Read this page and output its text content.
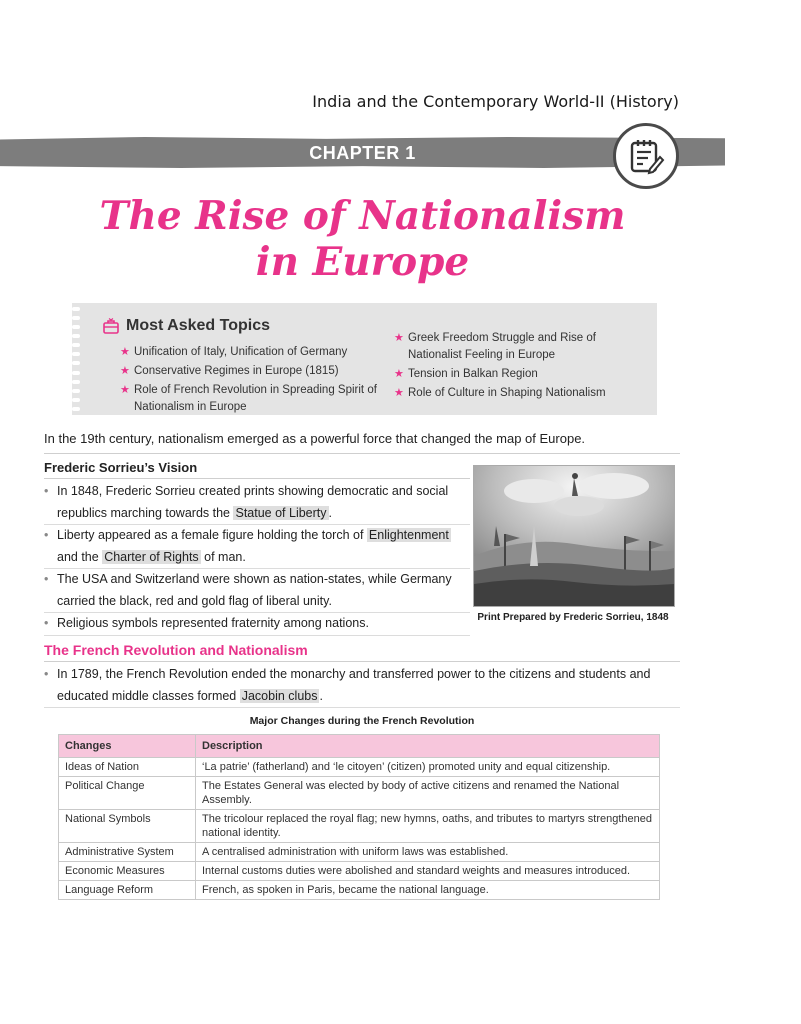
India and the Contemporary World-II (History)
CHAPTER 1
The Rise of Nationalism
in Europe
Most Asked Topics
★ Unification of Italy, Unification of Germany
★ Conservative Regimes in Europe (1815)
★ Role of French Revolution in Spreading Spirit of Nationalism in Europe
★ Greek Freedom Struggle and Rise of Nationalist Feeling in Europe
★ Tension in Balkan Region
★ Role of Culture in Shaping Nationalism
In the 19th century, nationalism emerged as a powerful force that changed the map of Europe.
Frederic Sorrieu’s Vision
• In 1848, Frederic Sorrieu created prints showing democratic and social republics marching towards the Statue of Liberty .
• Liberty appeared as a female figure holding the torch of Enlightenment and the Charter of Rights of man.
• The USA and Switzerland were shown as nation-states, while Germany carried the black, red and gold flag of liberal unity.
• Religious symbols represented fraternity among nations.	Print Prepared by Frederic Sorrieu, 1848
The French Revolution and Nationalism
• In 1789, the French Revolution ended the monarchy and transferred power to the citizens and students and educated middle classes formed Jacobin clubs .
Major Changes during the French Revolution
Changes	Description
Ideas of Nation	‘La patrie’ (fatherland) and ‘le citoyen’ (citizen) promoted unity and equal citizenship.
Political Change	The Estates General was elected by body of active citizens and renamed the National Assembly.
National Symbols	The tricolour replaced the royal flag; new hymns, oaths, and tributes to martyrs strengthened national identity.
Administrative System	A centralised administration with uniform laws was established.
Economic Measures	Internal customs duties were abolished and standard weights and measures introduced.
Language Reform	French, as spoken in Paris, became the national language.
